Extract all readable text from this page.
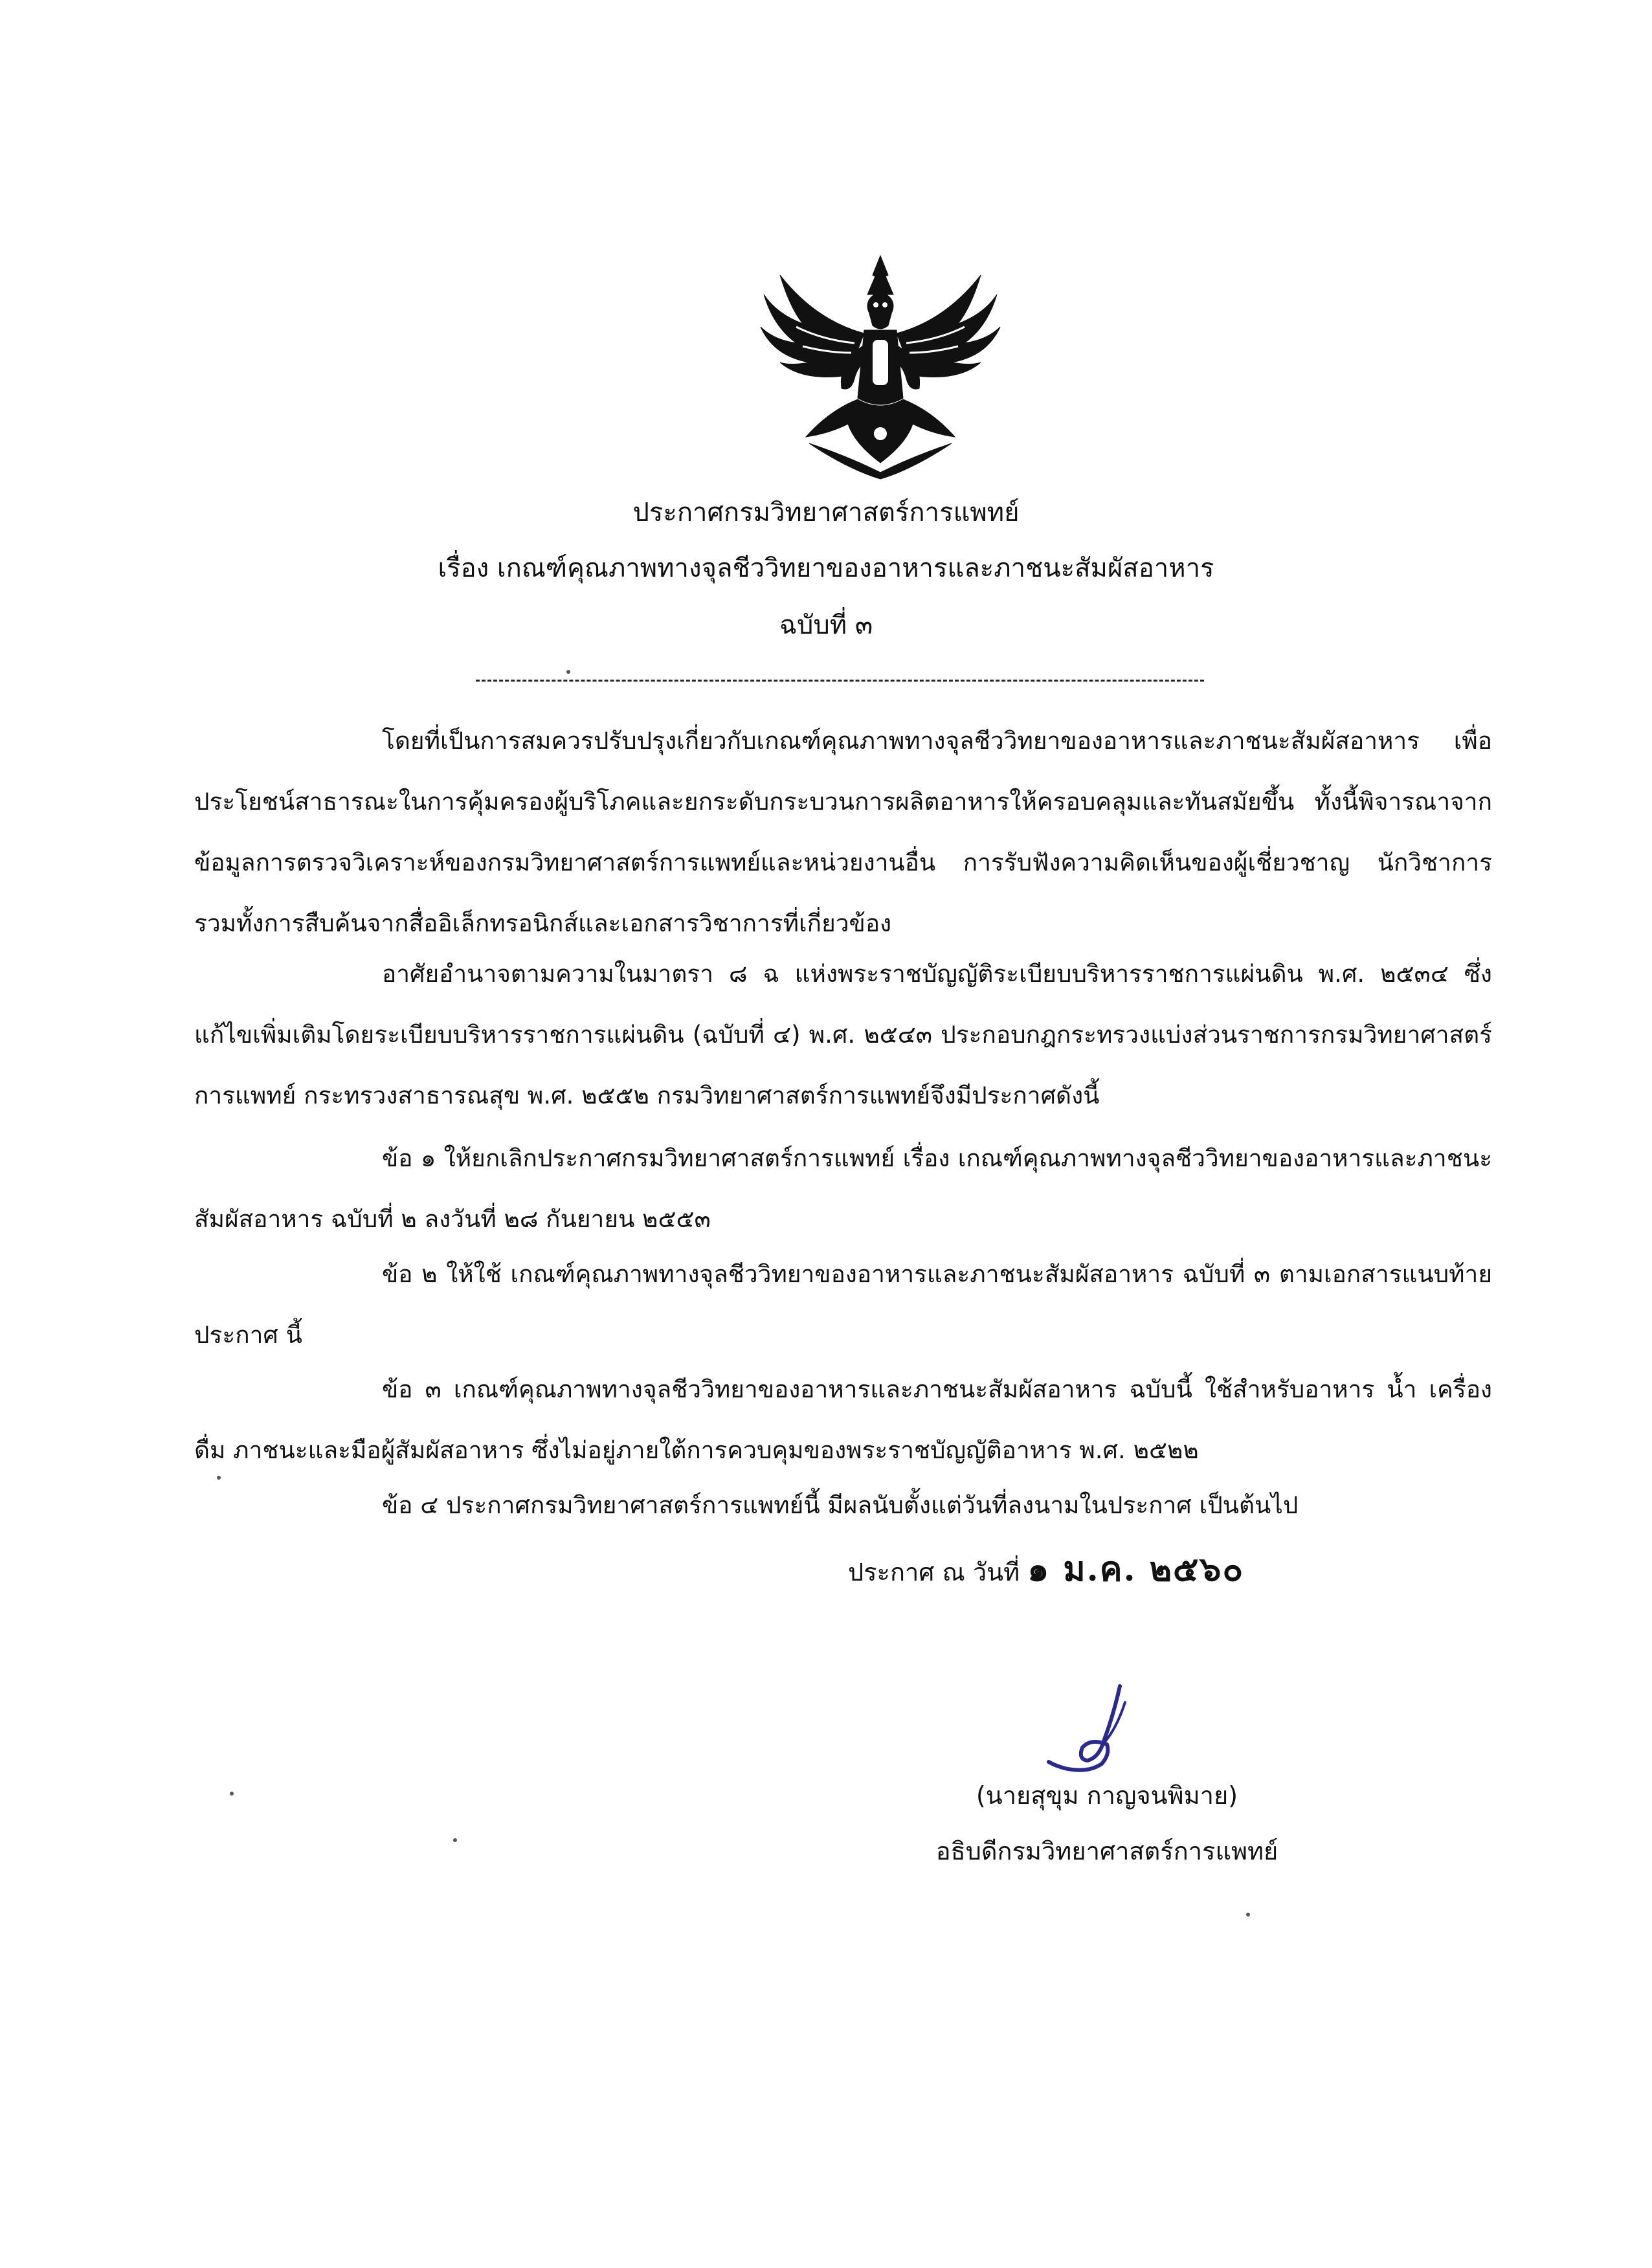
ประกาศกรมวิทยาศาสตร์การแพทย์
เรื่อง เกณฑ์คุณภาพทางจุลชีววิทยาของอาหารและภาชนะสัมผัสอาหาร
ฉบับที่ ๓

โดยที่เป็นการสมควรปรับปรุงเกี่ยวกับเกณฑ์คุณภาพทางจุลชีววิทยาของอาหารและภาชนะสัมผัสอาหาร เพื่อประโยชน์สาธารณะในการคุ้มครองผู้บริโภคและยกระดับกระบวนการผลิตอาหารให้ครอบคลุมและทันสมัยขึ้น ทั้งนี้พิจารณาจากข้อมูลการตรวจวิเคราะห์ของกรมวิทยาศาสตร์การแพทย์และหน่วยงานอื่น การรับฟังความคิดเห็นของผู้เชี่ยวชาญ นักวิชาการ รวมทั้งการสืบค้นจากสื่ออิเล็กทรอนิกส์และเอกสารวิชาการที่เกี่ยวข้อง

อาศัยอำนาจตามความในมาตรา ๘ ฉ แห่งพระราชบัญญัติระเบียบบริหารราชการแผ่นดิน พ.ศ. ๒๕๓๔ ซึ่งแก้ไขเพิ่มเติมโดยระเบียบบริหารราชการแผ่นดิน (ฉบับที่ ๔) พ.ศ. ๒๕๔๓ ประกอบกฎกระทรวงแบ่งส่วนราชการกรมวิทยาศาสตร์การแพทย์ กระทรวงสาธารณสุข พ.ศ. ๒๕๕๒ กรมวิทยาศาสตร์การแพทย์จึงมีประกาศดังนี้

ข้อ ๑ ให้ยกเลิกประกาศกรมวิทยาศาสตร์การแพทย์ เรื่อง เกณฑ์คุณภาพทางจุลชีววิทยาของอาหารและภาชนะสัมผัสอาหาร ฉบับที่ ๒ ลงวันที่ ๒๘ กันยายน ๒๕๕๓

ข้อ ๒ ให้ใช้ เกณฑ์คุณภาพทางจุลชีววิทยาของอาหารและภาชนะสัมผัสอาหาร ฉบับที่ ๓ ตามเอกสารแนบท้ายประกาศ นี้

ข้อ ๓ เกณฑ์คุณภาพทางจุลชีววิทยาของอาหารและภาชนะสัมผัสอาหาร ฉบับนี้ ใช้สำหรับอาหาร น้ำ เครื่องดื่ม ภาชนะและมือผู้สัมผัสอาหาร ซึ่งไม่อยู่ภายใต้การควบคุมของพระราชบัญญัติอาหาร พ.ศ. ๒๕๒๒

ข้อ ๔ ประกาศกรมวิทยาศาสตร์การแพทย์นี้ มีผลนับตั้งแต่วันที่ลงนามในประกาศ เป็นต้นไป

ประกาศ ณ วันที่ ๑ ม.ค. ๒๕๖๐
(นายสุขุม กาญจนพิมาย)
อธิบดีกรมวิทยาศาสตร์การแพทย์
